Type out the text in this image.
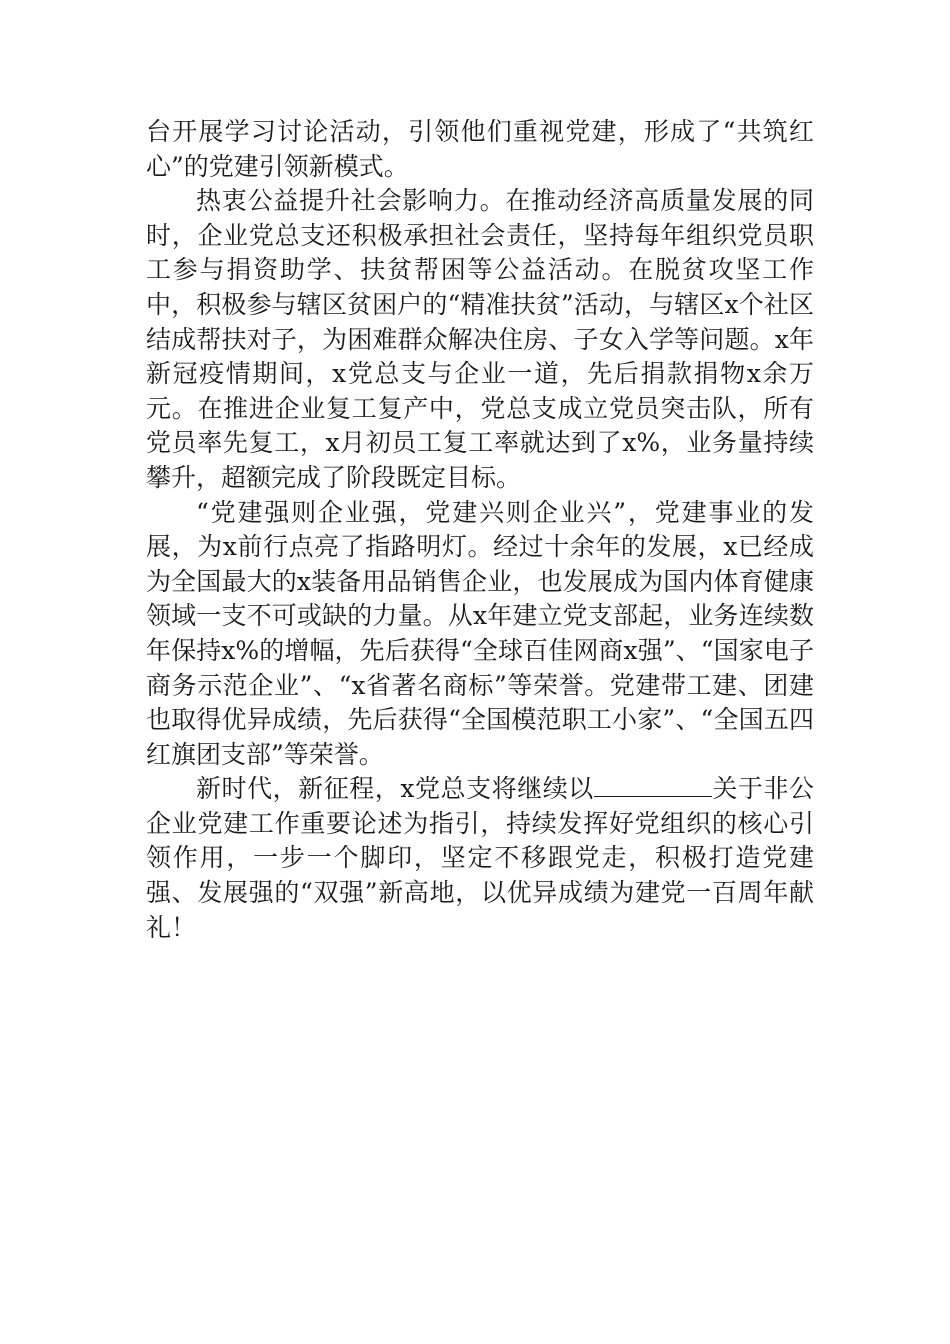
台开展学习讨论活动，引领他们重视党建，形成了“共筑红心”的党建引领新模式。

热衷公益提升社会影响力。在推动经济高质量发展的同时，企业党总支还积极承担社会责任，坚持每年组织党员职工参与捐资助学、扶贫帮困等公益活动。在脱贫攻坚工作中，积极参与辖区贫困户的“精准扶贫”活动，与辖区x个社区结成帮扶对子，为困难群众解决住房、子女入学等问题。x年新冠疫情期间，x党总支与企业一道，先后捐款捐物x余万元。在推进企业复工复产中，党总支成立党员突击队，所有党员率先复工，x月初员工复工率就达到了x%，业务量持续攀升，超额完成了阶段既定目标。

“党建强则企业强，党建兴则企业兴”，党建事业的发展，为x前行点亮了指路明灯。经过十余年的发展，x已经成为全国最大的x装备用品销售企业，也发展成为国内体育健康领域一支不可或缺的力量。从x年建立党支部起，业务连续数年保持x%的增幅，先后获得“全球百佳网商x强”、“国家电子商务示范企业”、“x省著名商标”等荣誉。党建带工建、团建也取得优异成绩，先后获得“全国模范职工小家”、“全国五四红旗团支部”等荣誉。

新时代，新征程，x党总支将继续以	关于非公企业党建工作重要论述为指引，持续发挥好党组织的核心引领作用，一步一个脚印，坚定不移跟党走，积极打造党建强、发展强的“双强”新高地，以优异成绩为建党一百周年献礼！
